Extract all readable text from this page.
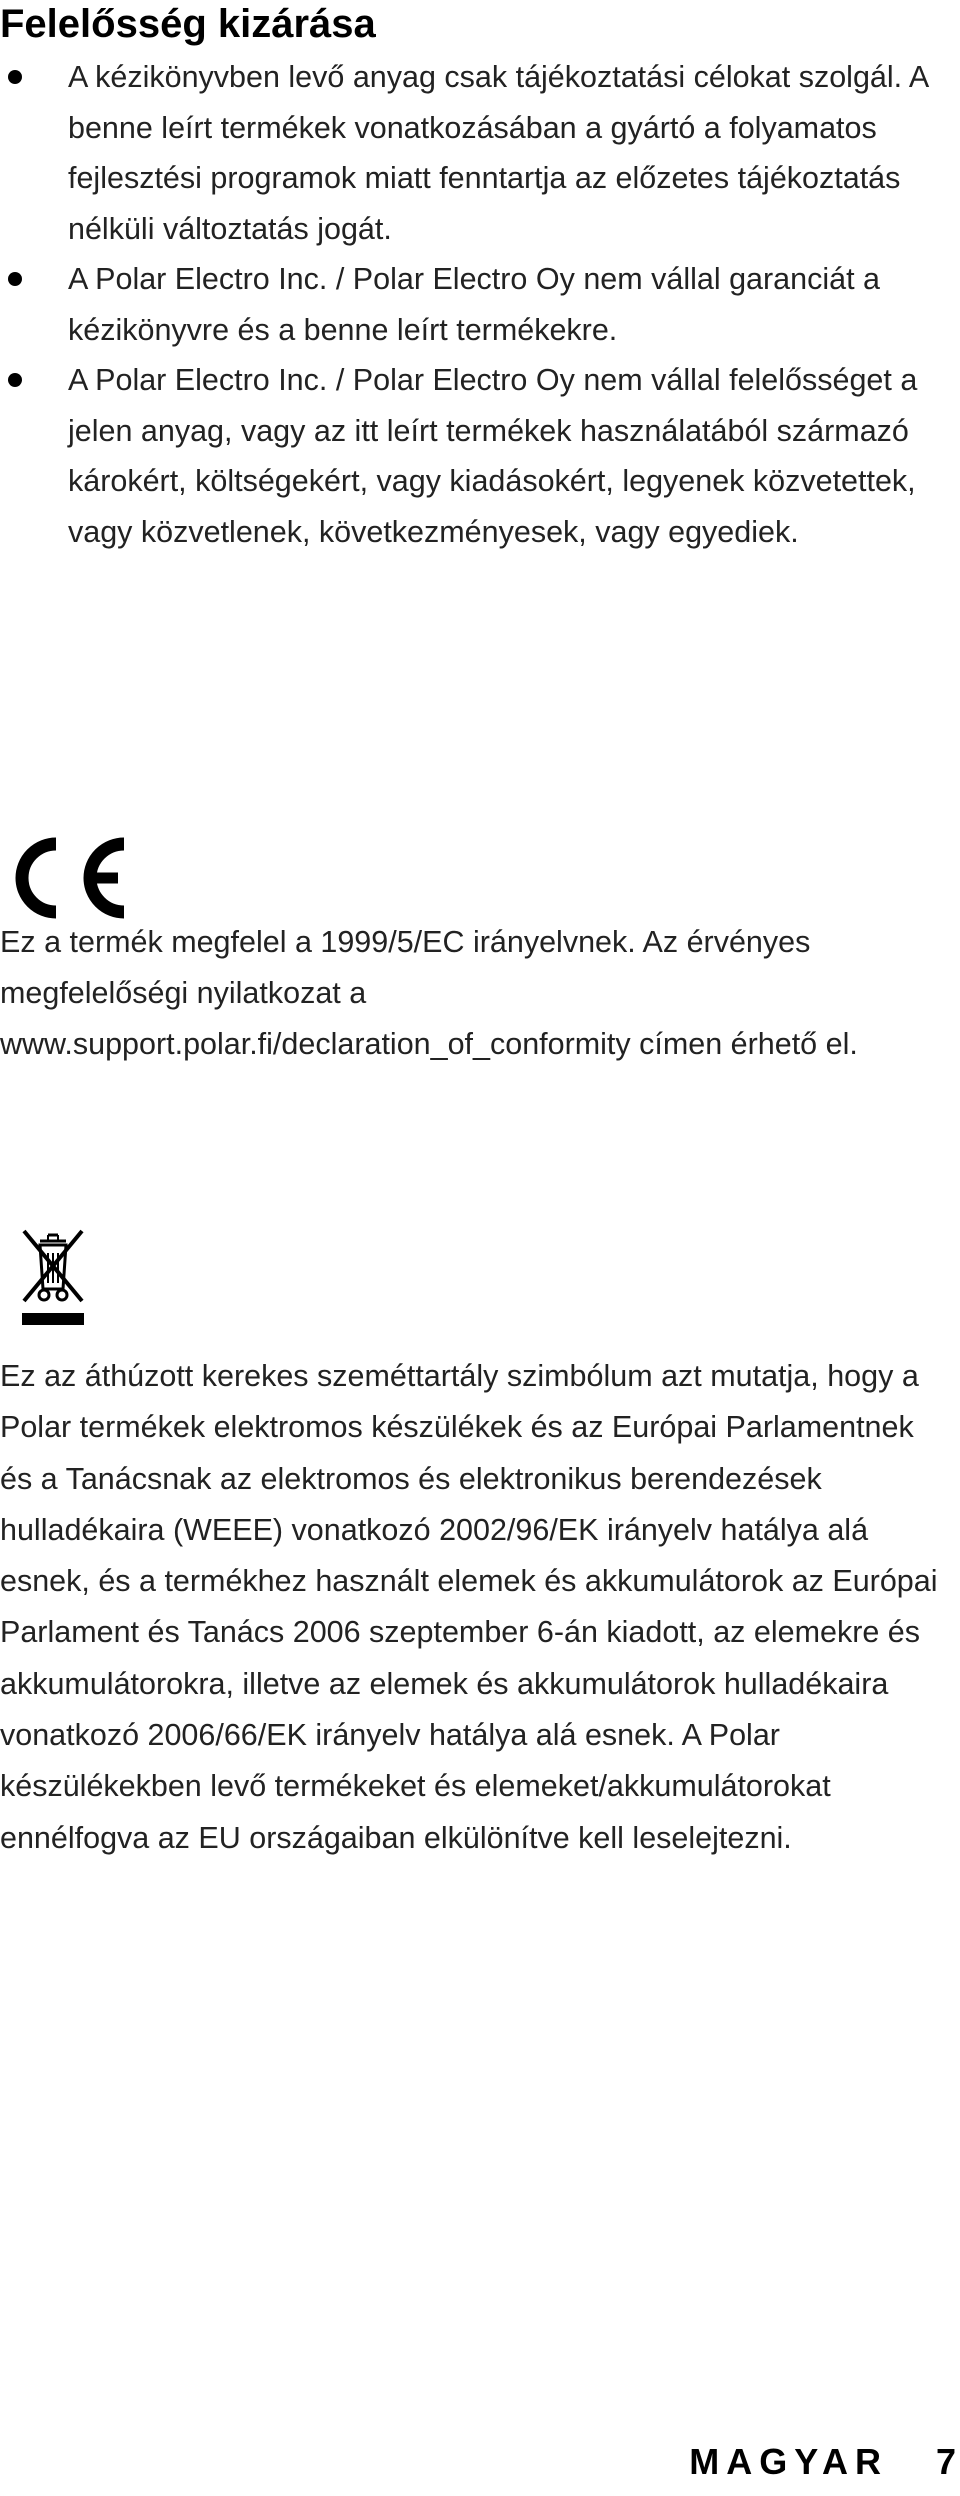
Felelősség kizárása
A kézikönyvben levő anyag csak tájékoztatási célokat szolgál. A benne leírt termékek vonatkozásában a gyártó a folyamatos fejlesztési programok miatt fenntartja az előzetes tájékoztatás nélküli változtatás jogát.
A Polar Electro Inc. / Polar Electro Oy nem vállal garanciát a kézikönyvre és a benne leírt termékekre.
A Polar Electro Inc. / Polar Electro Oy nem vállal felelősséget a jelen anyag, vagy az itt leírt termékek használatából származó károkért, költségekért, vagy kiadásokért, legyenek közvetettek, vagy közvetlenek, következményesek, vagy egyediek.
Ez a termék megfelel a 1999/5/EC irányelvnek. Az érvényes megfelelőségi nyilatkozat a www.support.polar.fi/declaration_of_conformity címen érhető el.
Ez az áthúzott kerekes szeméttartály szimbólum azt mutatja, hogy a Polar termékek elektromos készülékek és az Európai Parlamentnek és a Tanácsnak az elektromos és elektronikus berendezések hulladékaira (WEEE) vonatkozó 2002/96/EK irányelv hatálya alá esnek, és a termékhez használt elemek és akkumulátorok az Európai Parlament és Tanács 2006 szeptember 6-án kiadott, az elemekre és akkumulátorokra, illetve az elemek és akkumulátorok hulladékaira vonatkozó 2006/66/EK irányelv hatálya alá esnek. A Polar készülékekben levő termékeket és elemeket/akkumulátorokat ennélfogva az EU országaiban elkülönítve kell leselejtezni.
MAGYAR 7
